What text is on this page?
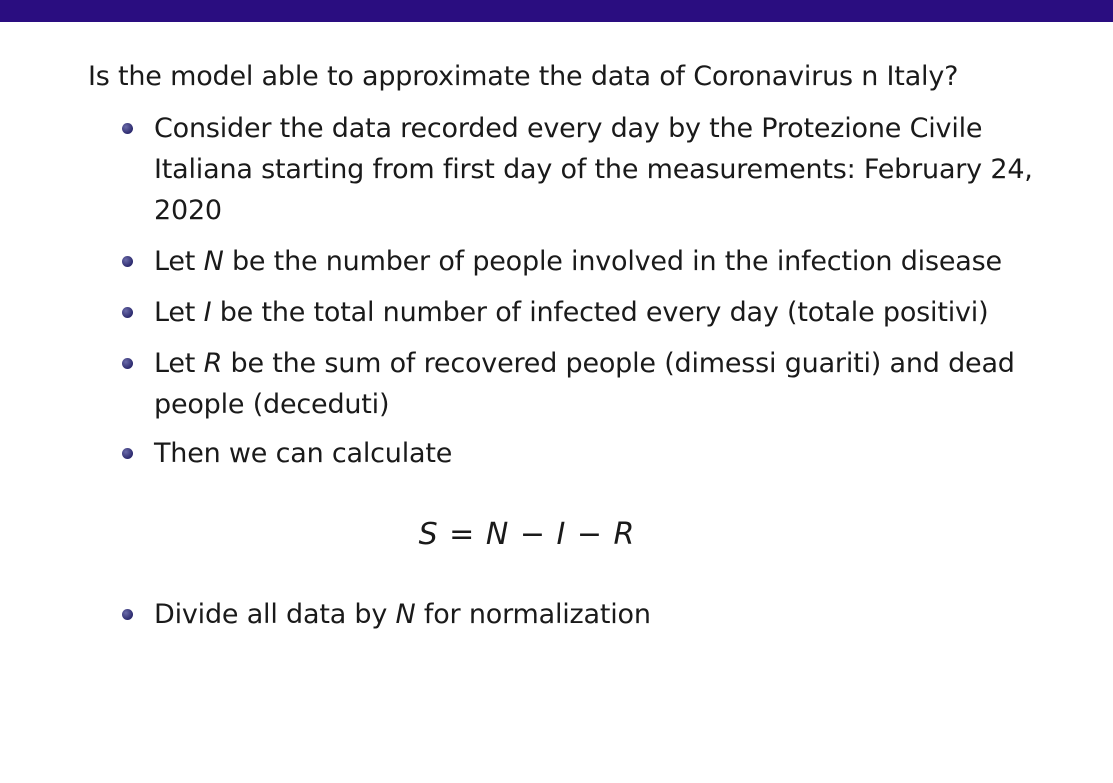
Is the model able to approximate the data of Coronavirus n Italy?
Consider the data recorded every day by the Protezione Civile Italiana starting from first day of the measurements: February 24, 2020
Let N be the number of people involved in the infection disease
Let I be the total number of infected every day (totale positivi)
Let R be the sum of recovered people (dimessi guariti) and dead people (deceduti)
Then we can calculate
S = N − I − R
Divide all data by N for normalization
